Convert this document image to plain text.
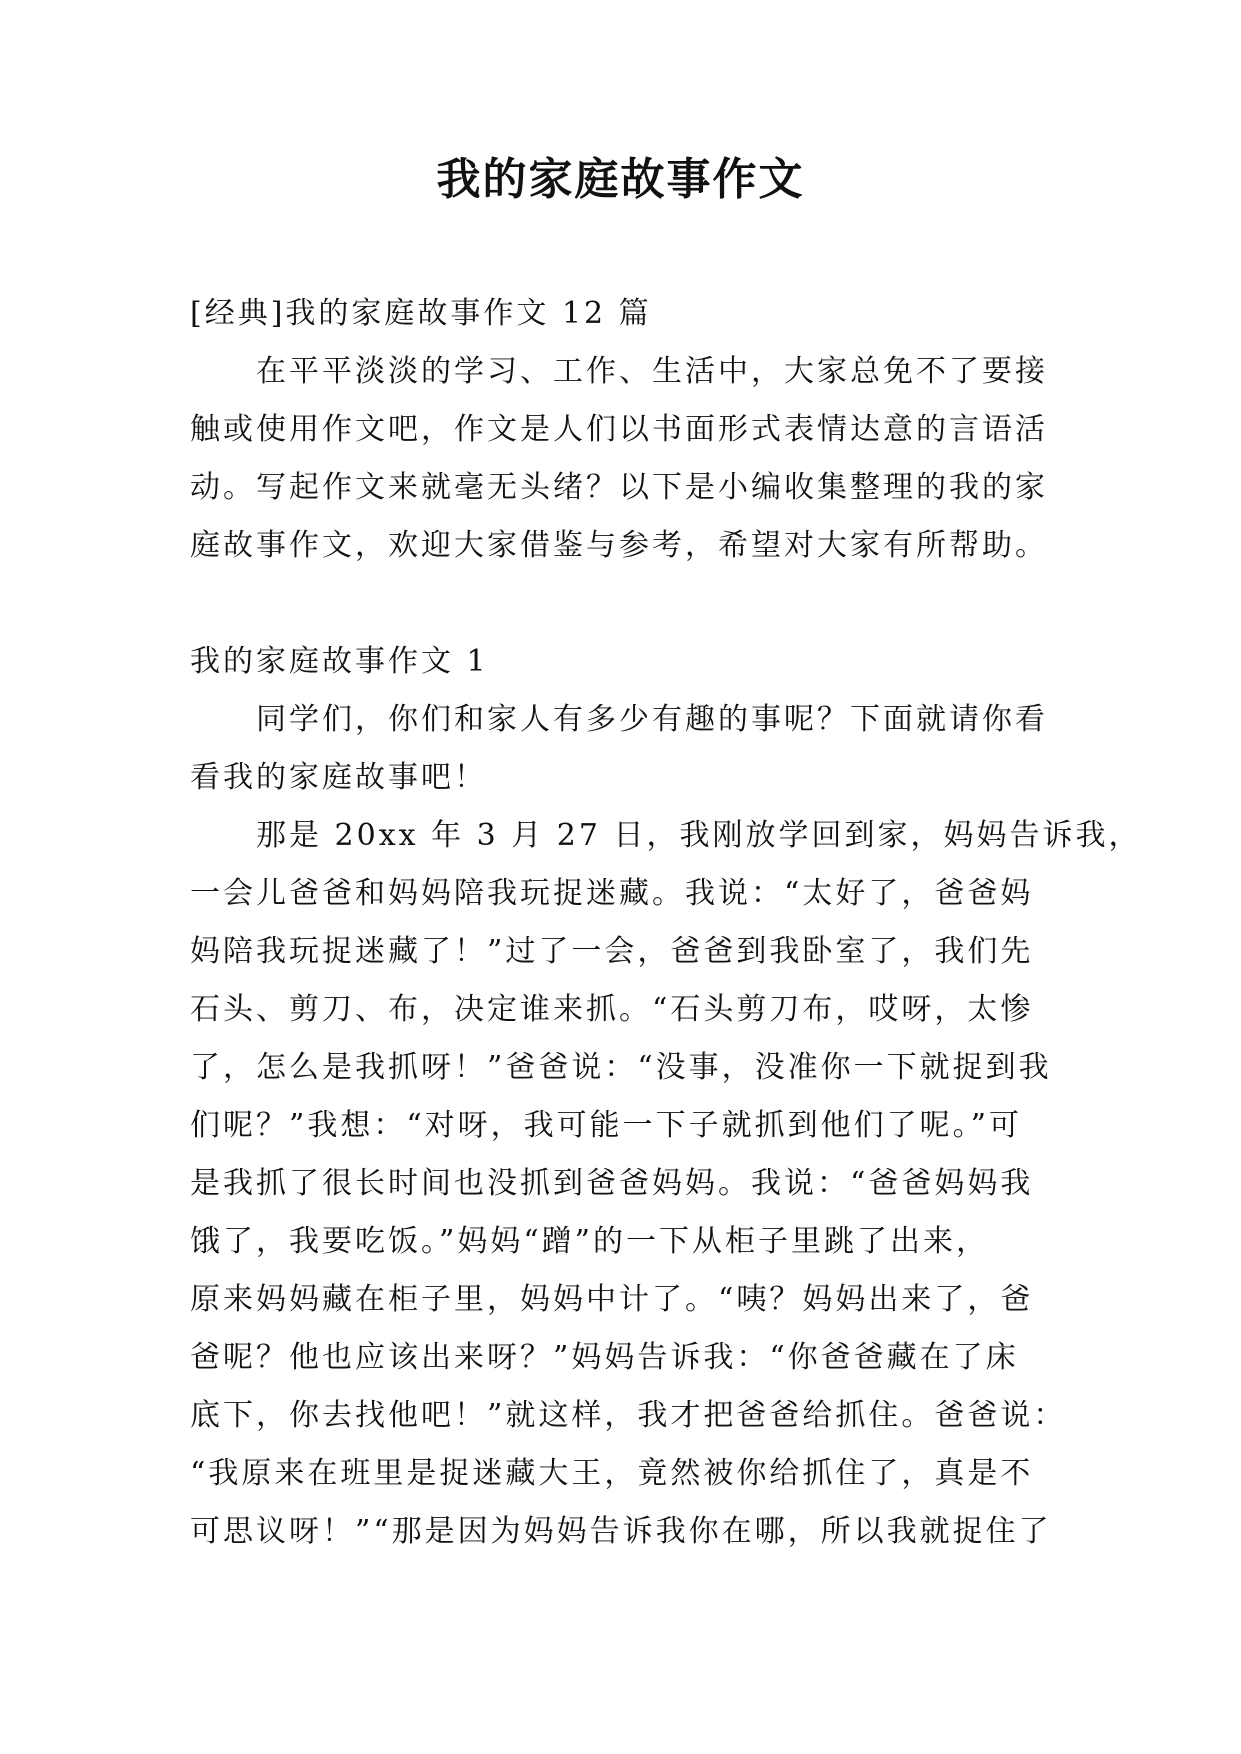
我的家庭故事作文
[经典]我的家庭故事作文 12 篇
在平平淡淡的学习、工作、生活中，大家总免不了要接
触或使用作文吧，作文是人们以书面形式表情达意的言语活
动。写起作文来就毫无头绪？以下是小编收集整理的我的家
庭故事作文，欢迎大家借鉴与参考，希望对大家有所帮助。
我的家庭故事作文 1
同学们，你们和家人有多少有趣的事呢？下面就请你看
看我的家庭故事吧！
那是 20xx 年 3 月 27 日，我刚放学回到家，妈妈告诉我，
一会儿爸爸和妈妈陪我玩捉迷藏。我说：“太好了，爸爸妈
妈陪我玩捉迷藏了！”过了一会，爸爸到我卧室了，我们先
石头、剪刀、布，决定谁来抓。“石头剪刀布，哎呀，太惨
了，怎么是我抓呀！”爸爸说：“没事，没准你一下就捉到我
们呢？”我想：“对呀，我可能一下子就抓到他们了呢。”可
是我抓了很长时间也没抓到爸爸妈妈。我说：“爸爸妈妈我
饿了，我要吃饭。”妈妈“蹭”的一下从柜子里跳了出来，
原来妈妈藏在柜子里，妈妈中计了。“咦？妈妈出来了，爸
爸呢？他也应该出来呀？”妈妈告诉我：“你爸爸藏在了床
底下，你去找他吧！”就这样，我才把爸爸给抓住。爸爸说：
“我原来在班里是捉迷藏大王，竟然被你给抓住了，真是不
可思议呀！”“那是因为妈妈告诉我你在哪，所以我就捉住了
